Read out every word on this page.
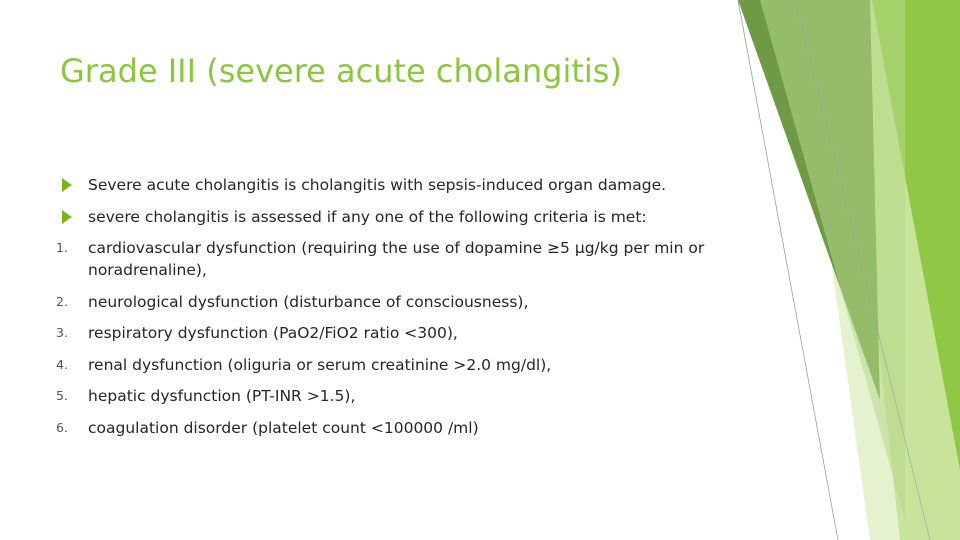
Grade III (severe acute cholangitis)
Severe acute cholangitis is cholangitis with sepsis-induced organ damage.
severe cholangitis is assessed if any one of the following criteria is met:
1. cardiovascular dysfunction (requiring the use of dopamine ≥5 μg/kg per min or noradrenaline),
2. neurological dysfunction (disturbance of consciousness),
3. respiratory dysfunction (PaO2/FiO2 ratio <300),
4. renal dysfunction (oliguria or serum creatinine >2.0 mg/dl),
5. hepatic dysfunction (PT-INR >1.5),
6. coagulation disorder (platelet count <100000 /ml)
